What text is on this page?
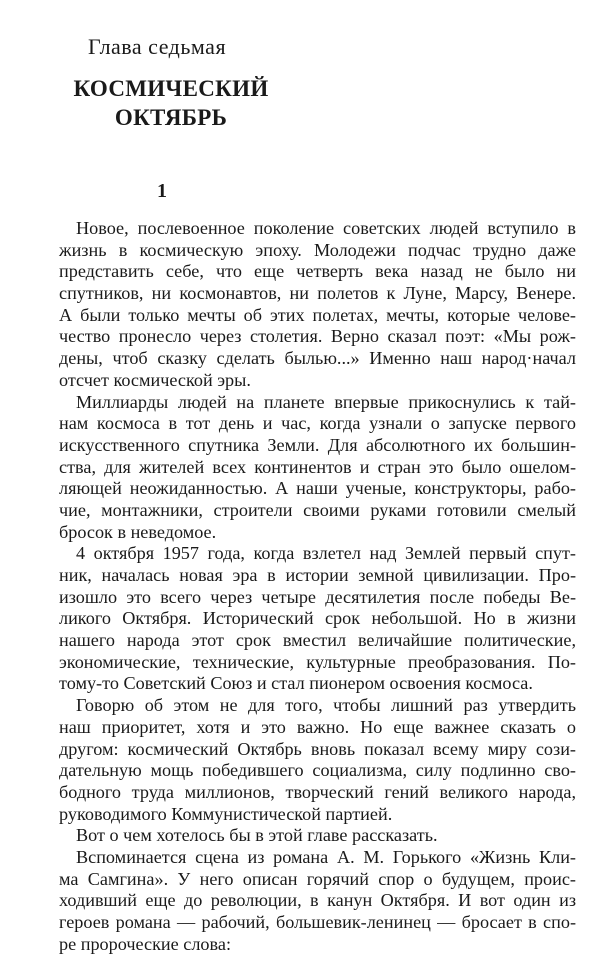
Глава седьмая
КОСМИЧЕСКИЙ
ОКТЯБРЬ
1
Новое, послевоенное поколение советских людей вступило в
жизнь в космическую эпоху. Молодежи подчас трудно даже
представить себе, что еще четверть века назад не было ни
спутников, ни космонавтов, ни полетов к Луне, Марсу, Венере.
А были только мечты об этих полетах, мечты, которые челове-
чество пронесло через столетия. Верно сказал поэт: «Мы рож-
дены, чтоб сказку сделать былью...» Именно наш народ·начал
отсчет космической эры.
Миллиарды людей на планете впервые прикоснулись к тай-
нам космоса в тот день и час, когда узнали о запуске первого
искусственного спутника Земли. Для абсолютного их большин-
ства, для жителей всех континентов и стран это было ошелом-
ляющей неожиданностью. А наши ученые, конструкторы, рабо-
чие, монтажники, строители своими руками готовили смелый
бросок в неведомое.
4 октября 1957 года, когда взлетел над Землей первый спут-
ник, началась новая эра в истории земной цивилизации. Про-
изошло это всего через четыре десятилетия после победы Ве-
ликого Октября. Исторический срок небольшой. Но в жизни
нашего народа этот срок вместил величайшие политические,
экономические, технические, культурные преобразования. По-
тому-то Советский Союз и стал пионером освоения космоса.
Говорю об этом не для того, чтобы лишний раз утвердить
наш приоритет, хотя и это важно. Но еще важнее сказать о
другом: космический Октябрь вновь показал всему миру сози-
дательную мощь победившего социализма, силу подлинно сво-
бодного труда миллионов, творческий гений великого народа,
руководимого Коммунистической партией.
Вот о чем хотелось бы в этой главе рассказать.
Вспоминается сцена из романа А. М. Горького «Жизнь Кли-
ма Самгина». У него описан горячий спор о будущем, проис-
ходивший еще до революции, в канун Октября. И вот один из
героев романа — рабочий, большевик-ленинец — бросает в спо-
ре пророческие слова:
